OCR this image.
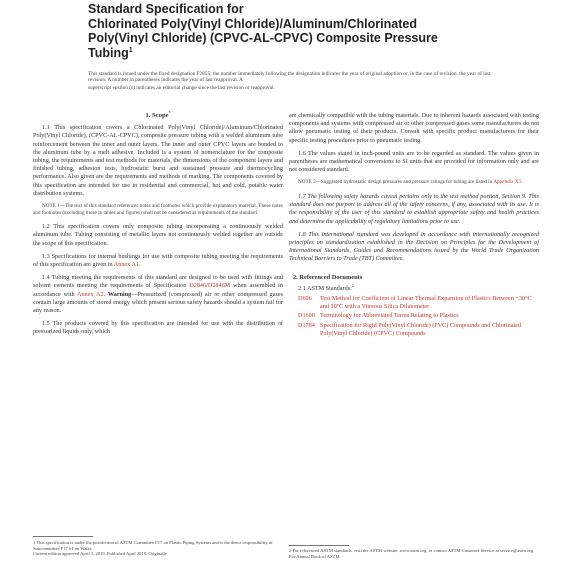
Standard Specification for
Chlorinated Poly(Vinyl Chloride)/Aluminum/Chlorinated
Poly(Vinyl Chloride) (CPVC-AL-CPVC) Composite Pressure
Tubing$^1$

This standard is issued under the fixed designation F2855; the number immediately following the designation indicates the year of original adoption or, in the case of revision, the year of last revision. A number in parentheses indicates the year of last reapproval. A

superscript epsilon (ε) indicates an editorial change since the last revision or reapproval.

1. Scope*

1.1 This specification covers a Chlorinated Poly(Vinyl Chloride)/Aluminum/Chlorinated Poly(Vinyl Chloride), (CPVC-AL-CPVC), composite pressure tubing with a welded aluminum tube reinforcement between the inner and outer layers. The inner and outer CPVC layers are bonded to the aluminum tube by a melt adhesive. Included is a system of nomenclature for the composite tubing, the requirements and test methods for materials, the dimensions of the component layers and finished tubing, adhesion tests, hydrostatic burst and sustained pressure and thermocycling performance. Also given are the requirements and methods of marking. The components covered by this specification are intended for use in residential and commercial, hot and cold, potable water distribution systems.

NOTE 1—The text of this standard references notes and footnotes which provide explanatory material. These notes and footnotes (excluding those in tables and figures) shall not be considered as requirements of the standard.

1.2 This specification covers only composite tubing incorporating a continuously welded aluminum tube. Tubing consisting of metallic layers not continuously welded together are outside the scope of this specification.

1.3 Specifications for internal bushings for use with composite tubing meeting the requirements of this specification are given in Annex A1.

1.4 Tubing meeting the requirements of this standard are designed to be used with fittings and solvent cements meeting the requirements of Specification D2846/D2846M when assembled in accordance with Annex A2. Warning—Pressurized (compressed) air or other compressed gases contain large amounts of stored energy which present serious safety hazards should a system fail for any reason.

1.5 The products covered by this specification are intended for use with the distribution of pressurized liquids only, which

1 This specification is under the jurisdiction of ASTM Committee F17 on Plastic Piping Systems and is the direct responsibility of Subcommittee F17.61 on Water.

Current edition approved April 1, 2019. Published April 2019. Originally

are chemically compatible with the tubing materials. Due to inherent hazards associated with testing components and systems with compressed air or other compressed gases some manufacturers do not allow pneumatic testing of their products. Consult with specific product manufacturers for their specific testing procedures prior to pneumatic testing.

1.6 The values stated in inch-pound units are to be regarded as standard. The values given in parentheses are mathematical conversions to SI units that are provided for information only and are not considered standard.

NOTE 2—Suggested hydrostatic design pressures and pressure ratings for tubing are listed in Appendix X1.

1.7 The following safety hazards caveat pertains only to the test method portion, Section 9. This standard does not purport to address all of the safety concerns, if any, associated with its use. It is the responsibility of the user of this standard to establish appropriate safety and health practices and determine the applicability of regulatory limitations prior to use.

1.8 This international standard was developed in accordance with internationally recognized principles on standardization established in the Decision on Principles for the Development of International Standards, Guides and Recommendations issued by the World Trade Organization Technical Barriers to Trade (TBT) Committee.

2. Referenced Documents
2.1 ASTM Standards:$^2$
D696	Test Method for Coefficient of Linear Thermal Expansion of Plastics Between −30°C and 30°C with a Vitreous Silica Dilatometer
D1600 Terminology for Abbreviated Terms Relating to Plastics
D1784 Specification for Rigid Poly(Vinyl Chloride) (PVC) Compounds and Chlorinated Poly(Vinyl Chloride) (CPVC) Compounds

2 For referenced ASTM standards, visit the ASTM website, www.astm.org, or contact ASTM Customer Service at service@astm.org. For Annual Book of ASTM
